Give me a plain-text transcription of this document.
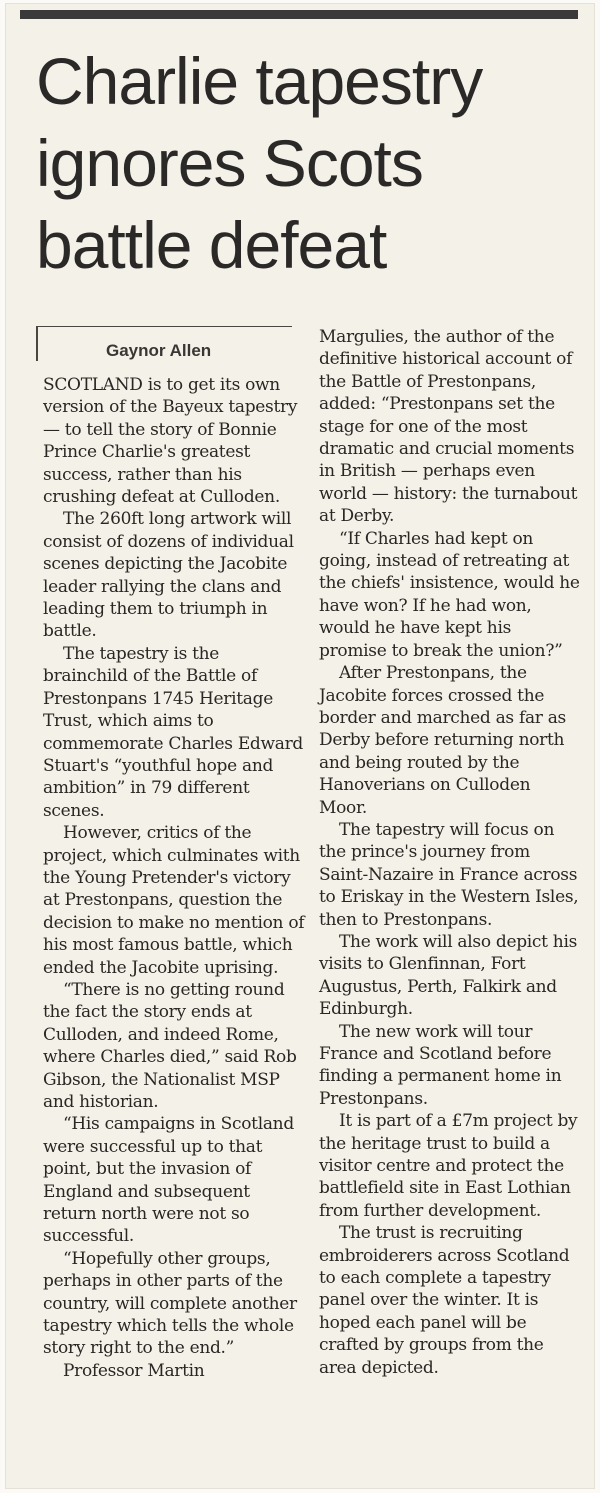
Charlie tapestry
ignores Scots
battle defeat
Gaynor Allen

SCOTLAND is to get its own version of the Bayeux tapestry — to tell the story of Bonnie Prince Charlie's greatest success, rather than his crushing defeat at Culloden.

The 260ft long artwork will consist of dozens of individual scenes depicting the Jacobite leader rallying the clans and leading them to triumph in battle.

The tapestry is the brainchild of the Battle of Prestonpans 1745 Heritage Trust, which aims to commemorate Charles Edward Stuart's “youthful hope and ambition” in 79 different scenes.

However, critics of the project, which culminates with the Young Pretender's victory at Prestonpans, question the decision to make no mention of his most famous battle, which ended the Jacobite uprising.

“There is no getting round the fact the story ends at Culloden, and indeed Rome, where Charles died,” said Rob Gibson, the Nationalist MSP and historian.

“His campaigns in Scotland were successful up to that point, but the invasion of England and subsequent return north were not so successful.

“Hopefully other groups, perhaps in other parts of the country, will complete another tapestry which tells the whole story right to the end.”

Professor Martin

Margulies, the author of the definitive historical account of the Battle of Prestonpans, added: “Prestonpans set the stage for one of the most dramatic and crucial moments in British — perhaps even world — history: the turnabout at Derby.

“If Charles had kept on going, instead of retreating at the chiefs' insistence, would he have won? If he had won, would he have kept his promise to break the union?”

After Prestonpans, the Jacobite forces crossed the border and marched as far as Derby before returning north and being routed by the Hanoverians on Culloden Moor.

The tapestry will focus on the prince's journey from Saint-Nazaire in France across to Eriskay in the Western Isles, then to Prestonpans.

The work will also depict his visits to Glenfinnan, Fort Augustus, Perth, Falkirk and Edinburgh.

The new work will tour France and Scotland before finding a permanent home in Prestonpans.

It is part of a £7m project by the heritage trust to build a visitor centre and protect the battlefield site in East Lothian from further development.

The trust is recruiting embroiderers across Scotland to each complete a tapestry panel over the winter. It is hoped each panel will be crafted by groups from the area depicted.
